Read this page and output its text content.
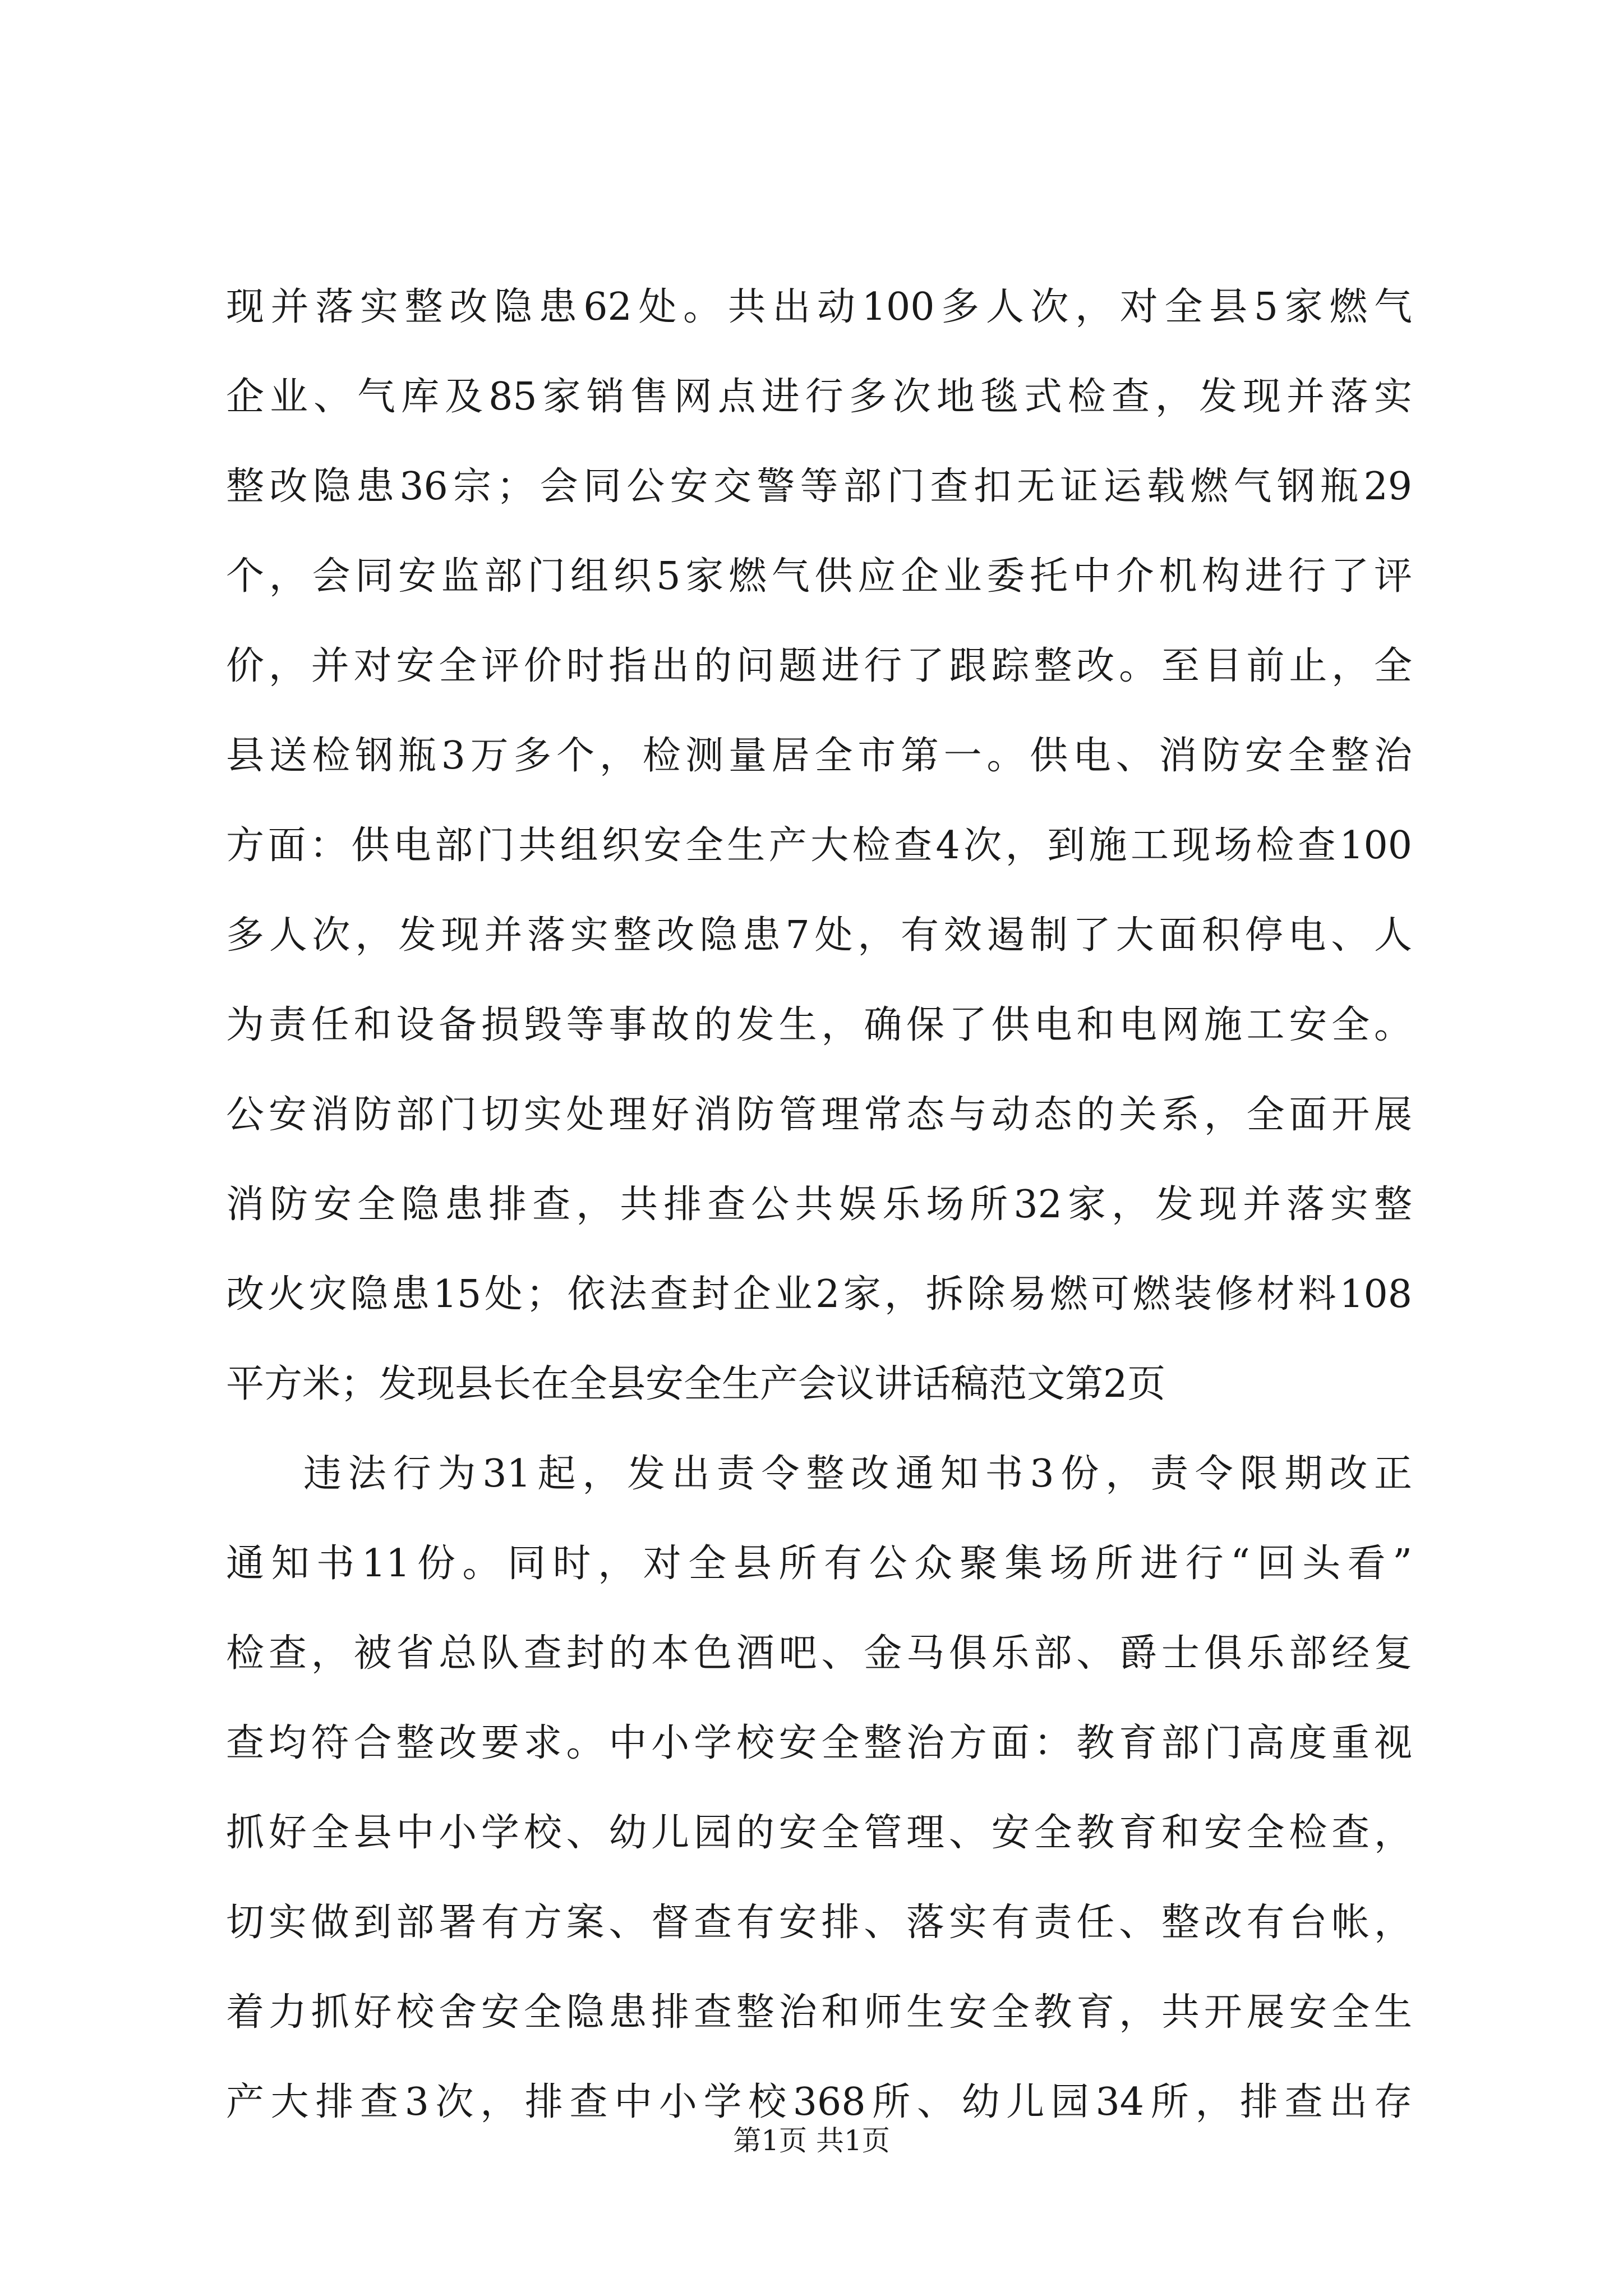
现并落实整改隐患62处。共出动100多人次，对全县5家燃气
企业、气库及85家销售网点进行多次地毯式检查，发现并落实
整改隐患36宗；会同公安交警等部门查扣无证运载燃气钢瓶29
个，会同安监部门组织5家燃气供应企业委托中介机构进行了评
价，并对安全评价时指出的问题进行了跟踪整改。至目前止，全
县送检钢瓶3万多个，检测量居全市第一。供电、消防安全整治
方面：供电部门共组织安全生产大检查4次，到施工现场检查100
多人次，发现并落实整改隐患7处，有效遏制了大面积停电、人
为责任和设备损毁等事故的发生，确保了供电和电网施工安全。
公安消防部门切实处理好消防管理常态与动态的关系，全面开展
消防安全隐患排查，共排查公共娱乐场所32家，发现并落实整
改火灾隐患15处；依法查封企业2家，拆除易燃可燃装修材料108
平方米；发现县长在全县安全生产会议讲话稿范文第2页
违法行为31起，发出责令整改通知书3份，责令限期改正
通知书11份。同时，对全县所有公众聚集场所进行“回头看”
检查，被省总队查封的本色酒吧、金马俱乐部、爵士俱乐部经复
查均符合整改要求。中小学校安全整治方面：教育部门高度重视
抓好全县中小学校、幼儿园的安全管理、安全教育和安全检查，
切实做到部署有方案、督查有安排、落实有责任、整改有台帐，
着力抓好校舍安全隐患排查整治和师生安全教育，共开展安全生
产大排查3次，排查中小学校368所、幼儿园34所，排查出存
第1页 共1页
